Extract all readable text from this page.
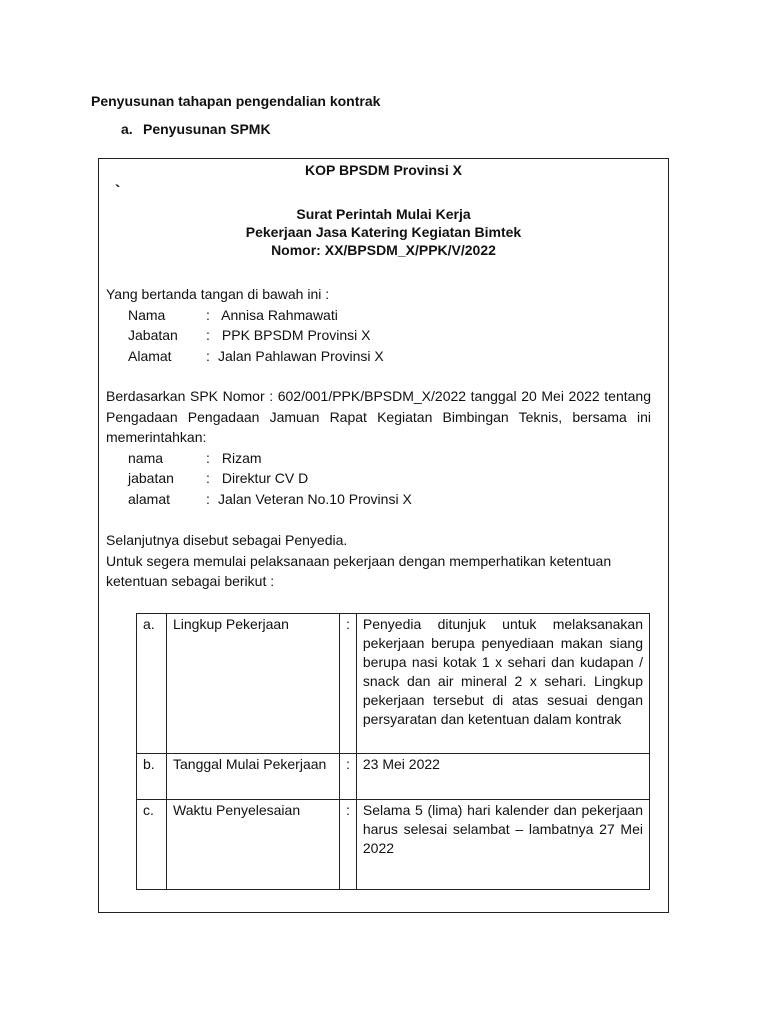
Penyusunan tahapan pengendalian kontrak
a. Penyusunan SPMK
KOP BPSDM Provinsi X
`
Surat Perintah Mulai Kerja
Pekerjaan Jasa Katering Kegiatan Bimtek
Nomor: XX/BPSDM_X/PPK/V/2022
Yang bertanda tangan di bawah ini :
Nama	: Annisa Rahmawati
Jabatan	: PPK BPSDM Provinsi X
Alamat	: Jalan Pahlawan Provinsi X
Berdasarkan SPK Nomor : 602/001/PPK/BPSDM_X/2022 tanggal 20 Mei 2022 tentang Pengadaan Pengadaan Jamuan Rapat Kegiatan Bimbingan Teknis, bersama ini memerintahkan:
nama	: Rizam
jabatan	: Direktur CV D
alamat	: Jalan Veteran No.10 Provinsi X
Selanjutnya disebut sebagai Penyedia.
Untuk segera memulai pelaksanaan pekerjaan dengan memperhatikan ketentuan ketentuan sebagai berikut :
a.	Lingkup Pekerjaan	:	Penyedia ditunjuk untuk melaksanakan pekerjaan berupa penyediaan makan siang berupa nasi kotak 1 x sehari dan kudapan / snack dan air mineral 2 x sehari. Lingkup pekerjaan tersebut di atas sesuai dengan persyaratan dan ketentuan dalam kontrak
b.	Tanggal Mulai Pekerjaan	:	23 Mei 2022
c.	Waktu Penyelesaian	:	Selama 5 (lima) hari kalender dan pekerjaan harus selesai selambat – lambatnya 27 Mei 2022
